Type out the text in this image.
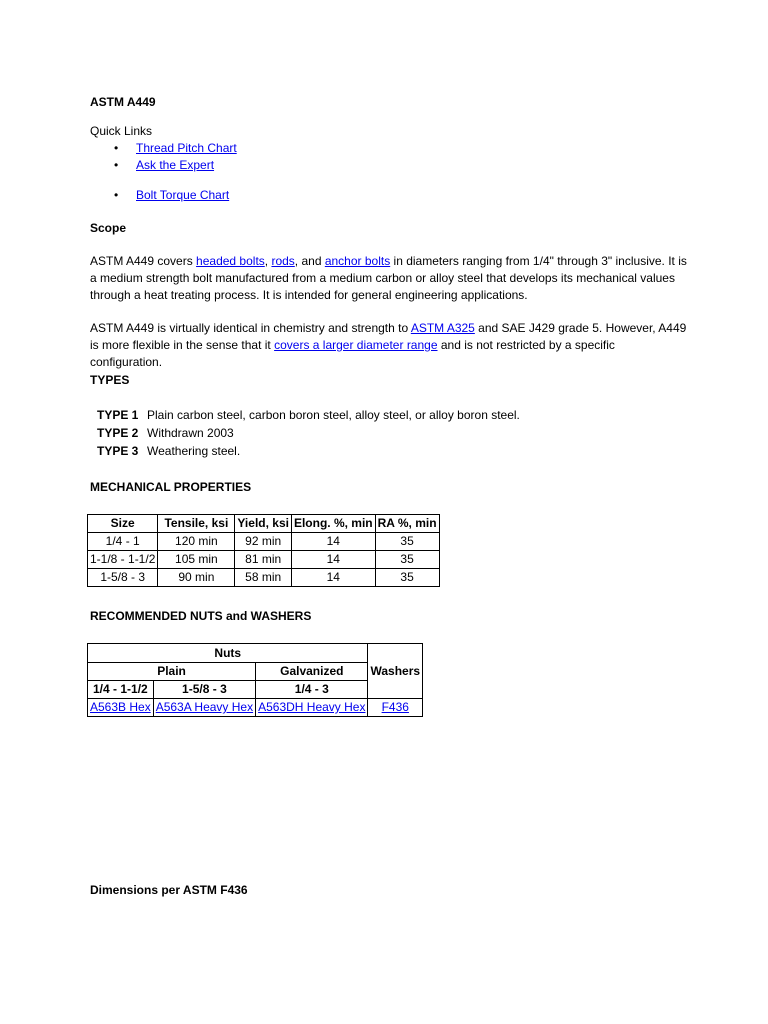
ASTM A449
Quick Links
• Thread Pitch Chart
• Ask the Expert
• Bolt Torque Chart
Scope
ASTM A449 covers headed bolts, rods, and anchor bolts in diameters ranging from 1/4" through 3" inclusive. It is a medium strength bolt manufactured from a medium carbon or alloy steel that develops its mechanical values through a heat treating process. It is intended for general engineering applications.
ASTM A449 is virtually identical in chemistry and strength to ASTM A325 and SAE J429 grade 5. However, A449 is more flexible in the sense that it covers a larger diameter range and is not restricted by a specific configuration.
TYPES
TYPE 1 Plain carbon steel, carbon boron steel, alloy steel, or alloy boron steel.
TYPE 2 Withdrawn 2003
TYPE 3 Weathering steel.
MECHANICAL PROPERTIES
Size	Tensile, ksi	Yield, ksi	Elong. %, min	RA %, min
1/4 - 1	120 min	92 min	14	35
1-1/8 - 1-1/2	105 min	81 min	14	35
1-5/8 - 3	90 min	58 min	14	35
RECOMMENDED NUTS and WASHERS
Nuts			Washers
Plain		Galvanized	
1/4 - 1-1/2	1-5/8 - 3	1/4 - 3	
A563B Hex	A563A Heavy Hex	A563DH Heavy Hex	F436
Dimensions per ASTM F436
